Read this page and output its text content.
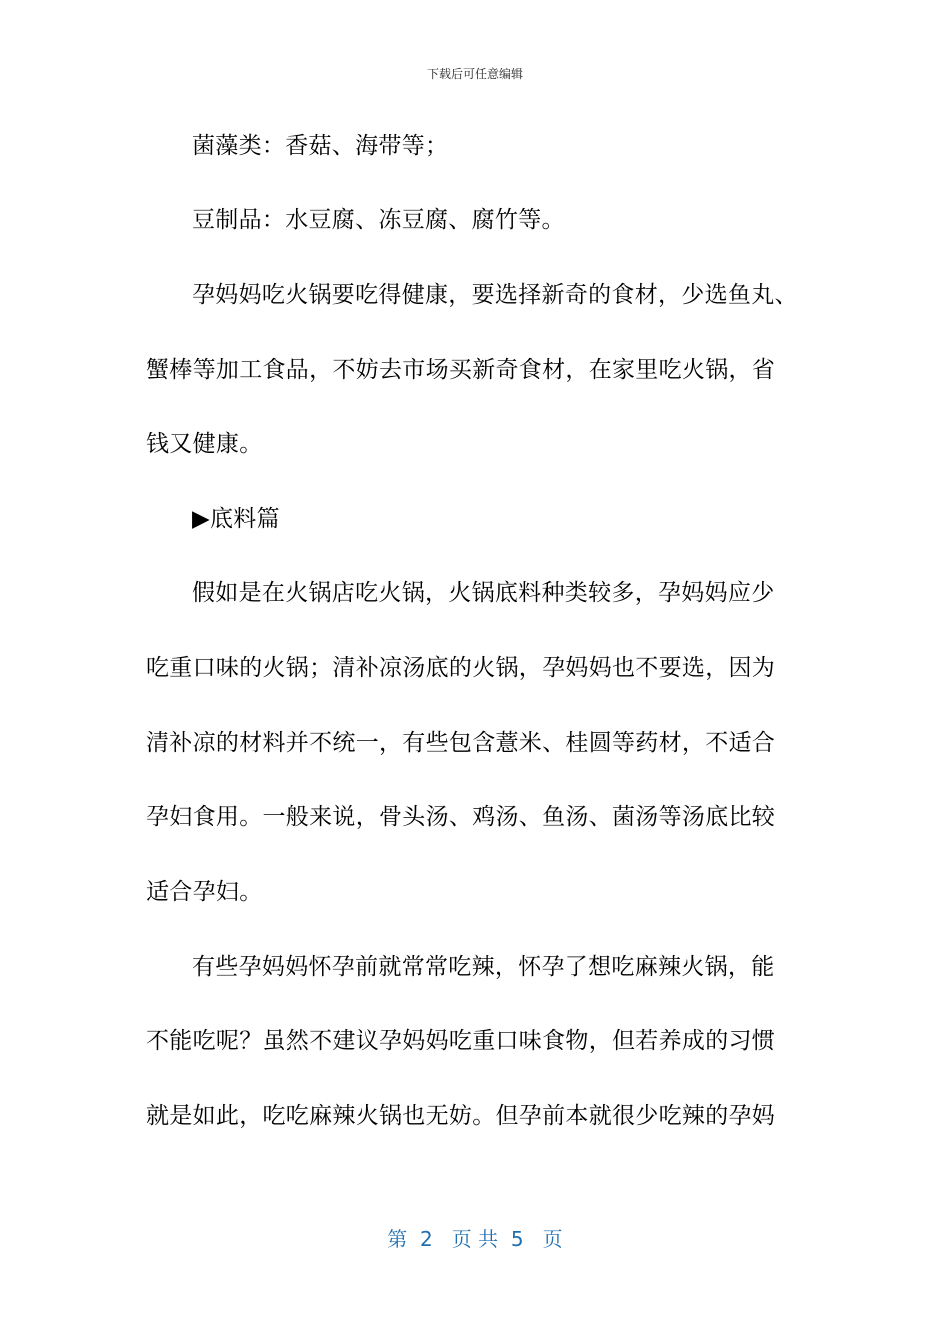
下载后可任意编辑
菌藻类：香菇、海带等；
豆制品：水豆腐、冻豆腐、腐竹等。
孕妈妈吃火锅要吃得健康，要选择新奇的食材，少选鱼丸、
蟹棒等加工食品，不妨去市场买新奇食材，在家里吃火锅，省
钱又健康。
▶底料篇
假如是在火锅店吃火锅，火锅底料种类较多，孕妈妈应少
吃重口味的火锅；清补凉汤底的火锅，孕妈妈也不要选，因为
清补凉的材料并不统一，有些包含薏米、桂圆等药材，不适合
孕妇食用。一般来说，骨头汤、鸡汤、鱼汤、菌汤等汤底比较
适合孕妇。
有些孕妈妈怀孕前就常常吃辣，怀孕了想吃麻辣火锅，能
不能吃呢？虽然不建议孕妈妈吃重口味食物，但若养成的习惯
就是如此，吃吃麻辣火锅也无妨。但孕前本就很少吃辣的孕妈
第  2   页 共  5   页
